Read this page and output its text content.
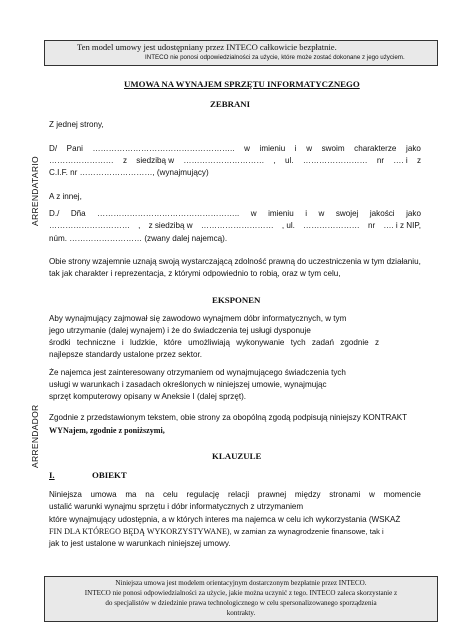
Ten model umowy jest udostępniany przez INTECO całkowicie bezpłatnie.
INTECO nie ponosi odpowiedzialności za użycie, które może zostać dokonane z jego użyciem.
ARRENDATARIO
ARRENDADOR
UMOWA NA WYNAJEM SPRZĘTU INFORMATYCZNEGO
ZEBRANI
Z jednej strony,
D/ Pani …………………………………………….. w imieniu i w swoim charakterze jako
…………………… z siedzibą w ………………………… , ul. …………………… nr …. i z
C.I.F. nr ………………………, (wynajmujący)
A z innej,
D./ Dña …………………………………………….. w imieniu i w swojej jakości jako
………………………… , z siedzibą w ……………………… , ul. ………………… nr …. i z NIP,
núm. ……………………… (zwany dalej najemcą).
Obie strony wzajemnie uznają swoją wystarczającą zdolność prawną do uczestniczenia w tym działaniu,
tak jak charakter i reprezentacja, z którymi odpowiednio to robią, oraz w tym celu,
EKSPONEN
Aby wynajmujący zajmował się zawodowo wynajmem dóbr informatycznych, w tym
jego utrzymanie (dalej wynajem) i że do świadczenia tej usługi dysponuje
środki techniczne i ludzkie, które umożliwiają wykonywanie tych zadań zgodnie z
najlepsze standardy ustalone przez sektor.
Że najemca jest zainteresowany otrzymaniem od wynajmującego świadczenia tych
usługi w warunkach i zasadach określonych w niniejszej umowie, wynajmując
sprzęt komputerowy opisany w Aneksie I (dalej sprzęt).
Zgodnie z przedstawionym tekstem, obie strony za obopólną zgodą podpisują niniejszy KONTRAKT
WYNajem, zgodnie z poniższymi,
KLAUZULE
I.	OBIEKT
Niniejsza umowa ma na celu regulację relacji prawnej między stronami w momencie
ustalić warunki wynajmu sprzętu i dóbr informatycznych z utrzymaniem
które wynajmujący udostępnia, a w których interes ma najemca w celu ich wykorzystania (WSKAŻ
FIN DLA KTÓREGO BĘDĄ WYKORZYSTYWANE), w zamian za wynagrodzenie finansowe, tak i
jak to jest ustalone w warunkach niniejszej umowy.
Niniejsza umowa jest modelem orientacyjnym dostarczonym bezpłatnie przez INTECO.
INTECO nie ponosi odpowiedzialności za użycie, jakie można uczynić z tego. INTECO zaleca skorzystanie z
do specjalistów w dziedzinie prawa technologicznego w celu spersonalizowanego sporządzenia
kontrakty.
